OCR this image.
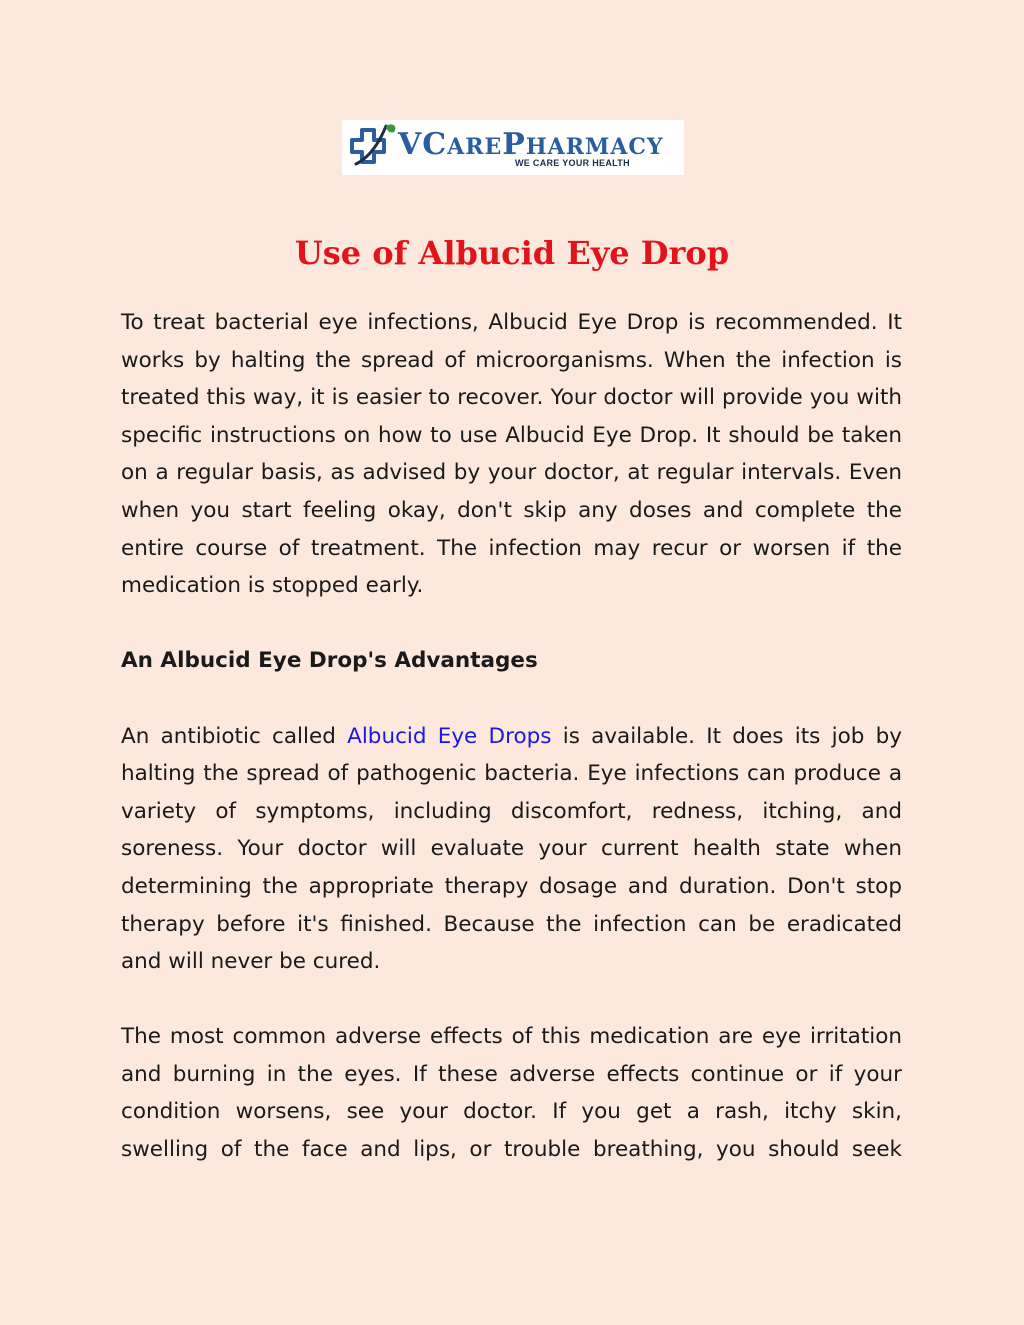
VCAREPHARMACY
WE CARE YOUR HEALTH
Use of Albucid Eye Drop

To treat bacterial eye infections, Albucid Eye Drop is recommended. It works by halting the spread of microorganisms. When the infection is treated this way, it is easier to recover. Your doctor will provide you with specific instructions on how to use Albucid Eye Drop. It should be taken on a regular basis, as advised by your doctor, at regular intervals. Even when you start feeling okay, don't skip any doses and complete the entire course of treatment. The infection may recur or worsen if the medication is stopped early.

An Albucid Eye Drop's Advantages

An antibiotic called Albucid Eye Drops is available. It does its job by halting the spread of pathogenic bacteria. Eye infections can produce a variety of symptoms, including discomfort, redness, itching, and soreness. Your doctor will evaluate your current health state when determining the appropriate therapy dosage and duration. Don't stop therapy before it's finished. Because the infection can be eradicated and will never be cured.

The most common adverse effects of this medication are eye irritation and burning in the eyes. If these adverse effects continue or if your condition worsens, see your doctor. If you get a rash, itchy skin, swelling of the face and lips, or trouble breathing, you should seek
